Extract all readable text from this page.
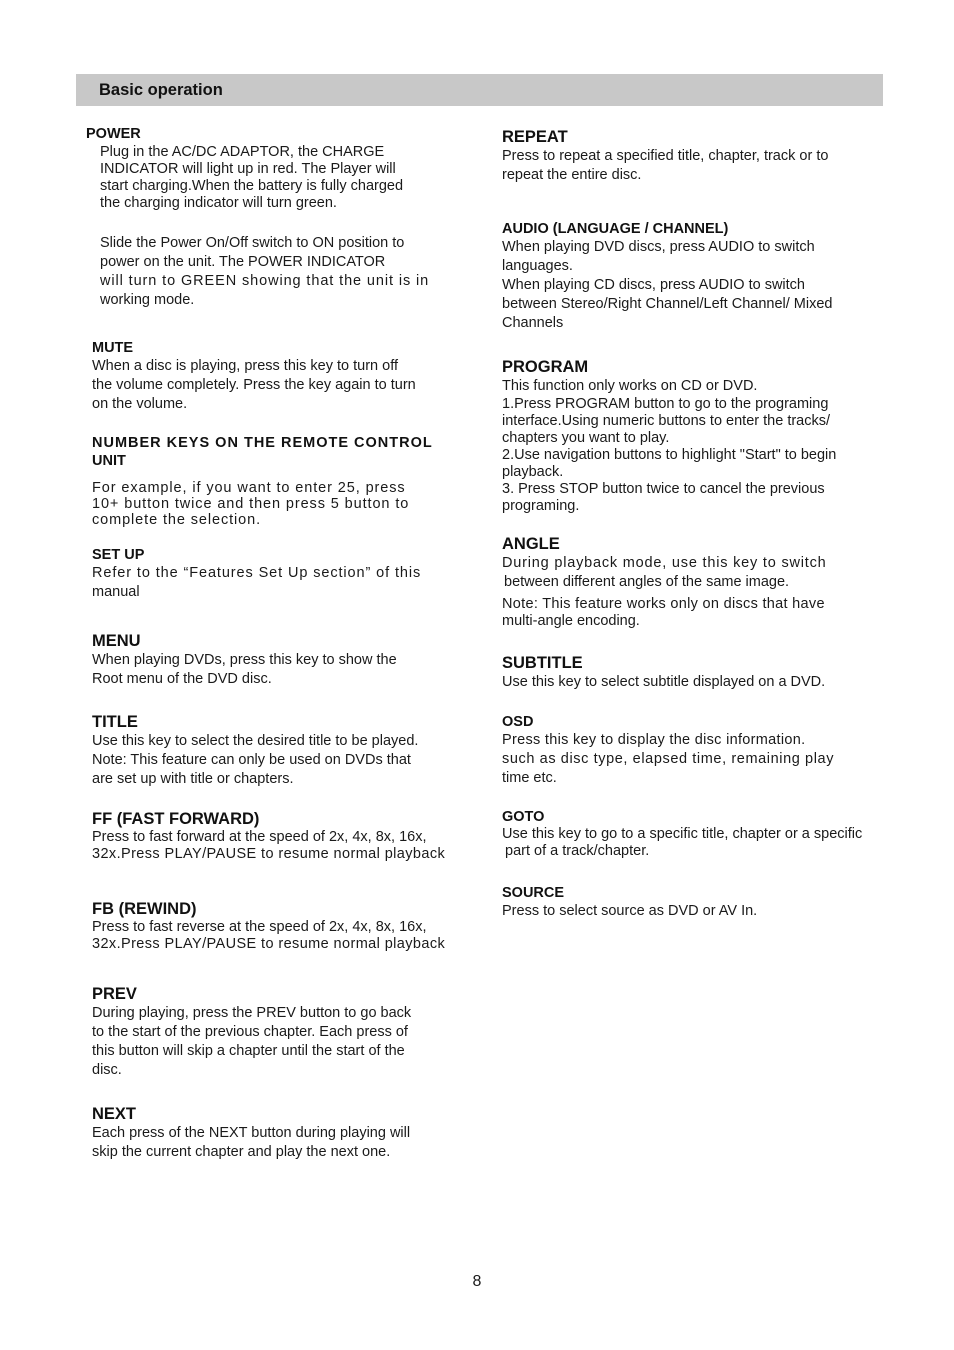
Basic operation
POWER
Plug in the AC/DC ADAPTOR, the CHARGE
INDICATOR will light up in red. The Player will
start charging.When the battery is fully charged
the charging indicator will turn green.
Slide the Power On/Off switch to ON position to
power on the unit. The POWER INDICATOR
will turn to GREEN showing that the unit is in
working mode.
MUTE
When a disc is playing, press this key to turn off
the volume completely. Press the key again to turn
on the volume.
NUMBER KEYS ON THE REMOTE CONTROL
UNIT
For example, if you want to enter 25, press
10+ button twice and then press 5 button to
complete the selection.
SET UP
Refer to the “Features Set Up section” of this
manual
MENU
When playing DVDs, press this key to show the
Root menu of the DVD disc.
TITLE
Use this key to select the desired title to be played.
Note: This feature can only be used on DVDs that
are set up with title or chapters.
FF (FAST FORWARD)
Press to fast forward at the speed of 2x, 4x, 8x, 16x,
32x.Press PLAY/PAUSE to resume normal playback
FB (REWIND)
Press to fast reverse at the speed of 2x, 4x, 8x, 16x,
32x.Press PLAY/PAUSE to resume normal playback
PREV
During playing, press the PREV button to go back
to the start of the previous chapter. Each press of
this button will skip a chapter until the start of the
disc.
NEXT
Each press of the NEXT button during playing will
skip the current chapter and play the next one.
REPEAT
Press to repeat a specified title, chapter, track or to
repeat the entire disc.
AUDIO (LANGUAGE / CHANNEL)
When playing DVD discs, press AUDIO to switch
languages.
When playing CD discs, press AUDIO to switch
between Stereo/Right Channel/Left Channel/ Mixed
Channels
PROGRAM
This function only works on CD or DVD.
1.Press PROGRAM button to go to the programing
interface.Using numeric buttons to enter the tracks/
chapters you want to play.
2.Use navigation buttons to highlight "Start" to begin
playback.
3. Press STOP button twice to cancel the previous
programing.
ANGLE
During playback mode, use this key to switch
between different angles of the same image.
Note: This feature works only on discs that have
multi-angle encoding.
SUBTITLE
Use this key to select subtitle displayed on a DVD.
OSD
Press this key to display the disc information.
such as disc type, elapsed time, remaining play
time etc.
GOTO
Use this key to go to a specific title, chapter or a specific
part of a track/chapter.
SOURCE
Press to select source as DVD or AV In.
8
